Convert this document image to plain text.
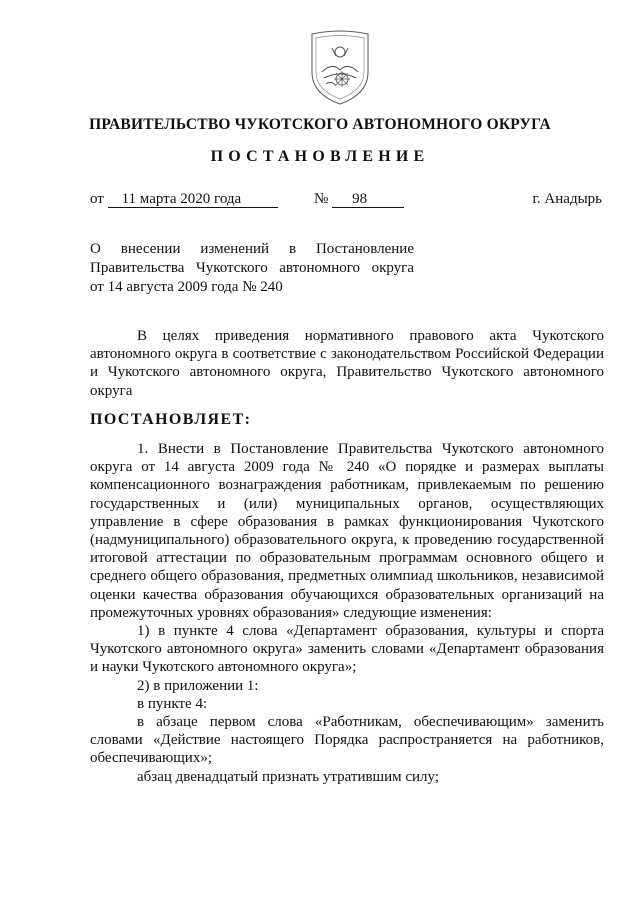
ПРАВИТЕЛЬСТВО ЧУКОТСКОГО АВТОНОМНОГО ОКРУГА
ПОСТАНОВЛЕНИЕ
от 11 марта 2020 года	№ 98	г. Анадырь
О внесении изменений в Постановление
Правительства Чукотского автономного округа
от 14 августа 2009 года № 240
В целях приведения нормативного правового акта Чукотского автономного округа в соответствие с законодательством Российской Федерации и Чукотского автономного округа, Правительство Чукотского автономного округа
ПОСТАНОВЛЯЕТ:

1. Внести в Постановление Правительства Чукотского автономного округа от 14 августа 2009 года № 240 «О порядке и размерах выплаты компенсационного вознаграждения работникам, привлекаемым по решению государственных и (или) муниципальных органов, осуществляющих управление в сфере образования в рамках функционирования Чукотского (надмуниципального) образовательного округа, к проведению государственной итоговой аттестации по образовательным программам основного общего и среднего общего образования, предметных олимпиад школьников, независимой оценки качества образования обучающихся образовательных организаций на промежуточных уровнях образования» следующие изменения:

1) в пункте 4 слова «Департамент образования, культуры и спорта Чукотского автономного округа» заменить словами «Департамент образования и науки Чукотского автономного округа»;

2) в приложении 1:

в пункте 4:

в абзаце первом слова «Работникам, обеспечивающим» заменить словами «Действие настоящего Порядка распространяется на работников, обеспечивающих»;

абзац двенадцатый признать утратившим силу;
